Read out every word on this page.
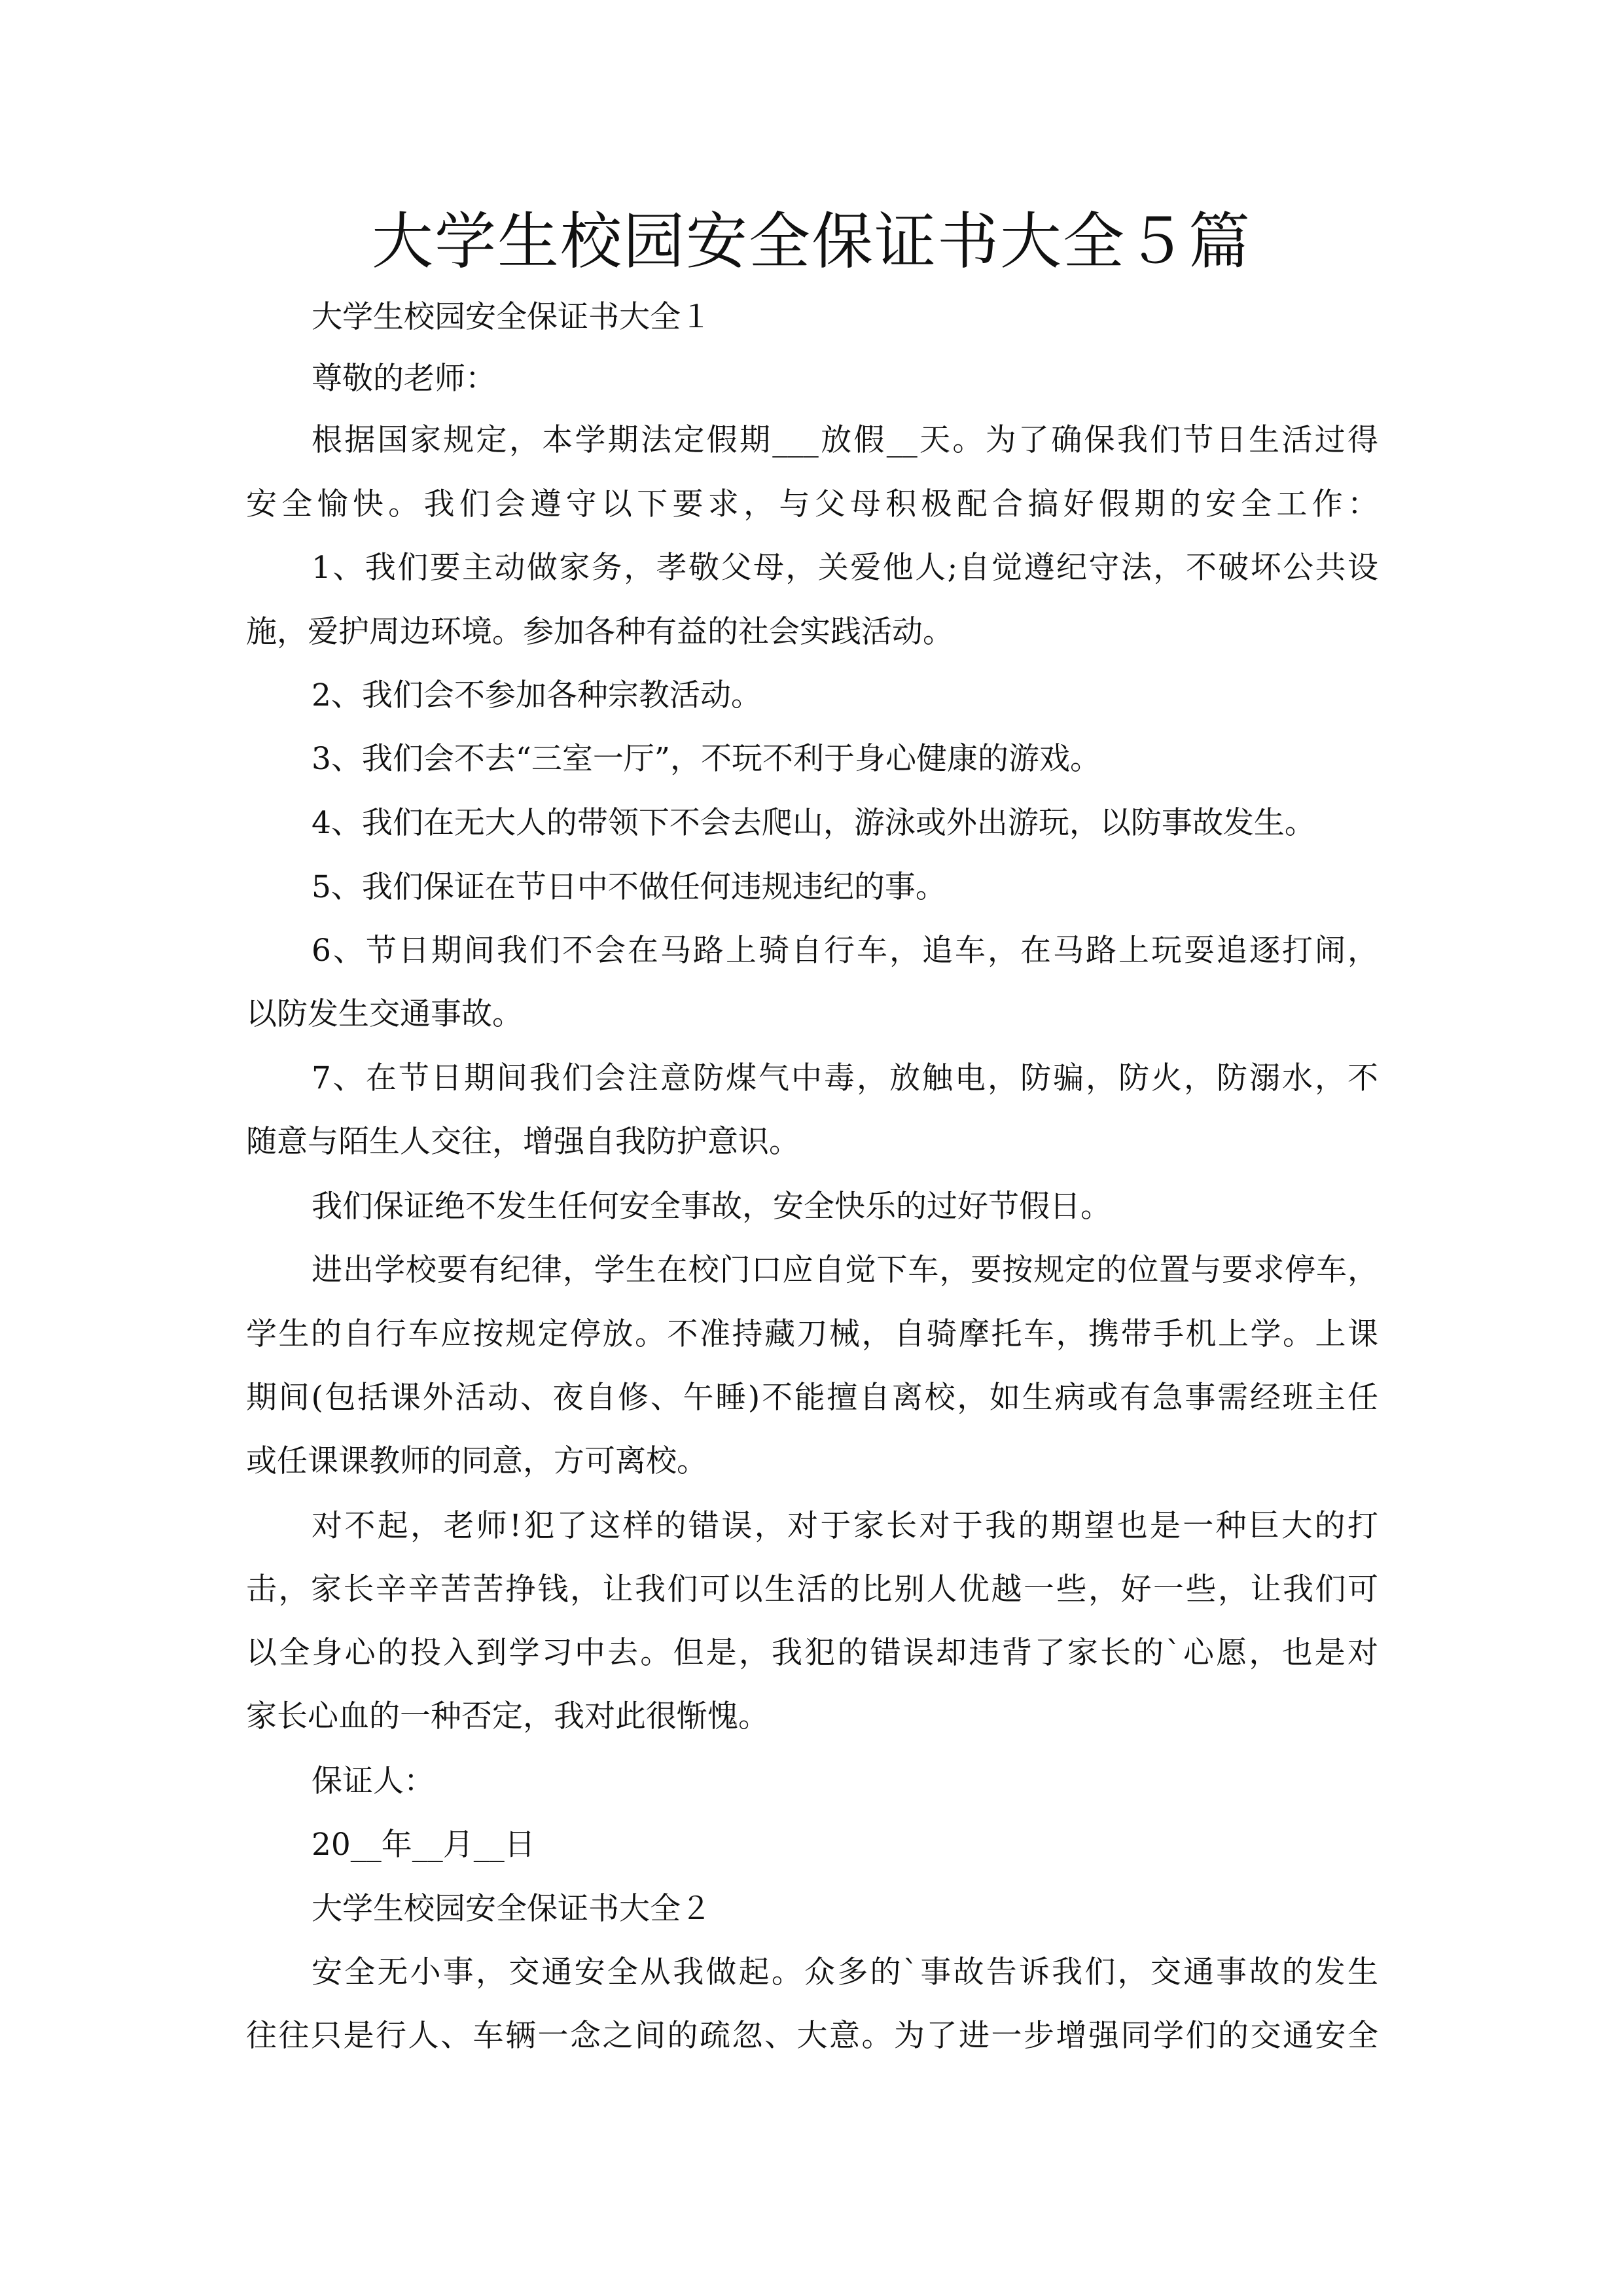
大学生校园安全保证书大全５篇
大学生校园安全保证书大全１
尊敬的老师：
根据国家规定，本学期法定假期___放假__天。为了确保我们节日生活过得
安全愉快。我们会遵守以下要求，与父母积极配合搞好假期的安全工作：
1、我们要主动做家务，孝敬父母，关爱他人;自觉遵纪守法，不破坏公共设
施，爱护周边环境。参加各种有益的社会实践活动。
2、我们会不参加各种宗教活动。
3、我们会不去“三室一厅”，不玩不利于身心健康的游戏。
4、我们在无大人的带领下不会去爬山，游泳或外出游玩，以防事故发生。
5、我们保证在节日中不做任何违规违纪的事。
6、节日期间我们不会在马路上骑自行车，追车，在马路上玩耍追逐打闹，
以防发生交通事故。
7、在节日期间我们会注意防煤气中毒，放触电，防骗，防火，防溺水，不
随意与陌生人交往，增强自我防护意识。
我们保证绝不发生任何安全事故，安全快乐的过好节假日。
进出学校要有纪律，学生在校门口应自觉下车，要按规定的位置与要求停车，
学生的自行车应按规定停放。不准持藏刀械，自骑摩托车，携带手机上学。上课
期间(包括课外活动、夜自修、午睡)不能擅自离校，如生病或有急事需经班主任
或任课课教师的同意，方可离校。
对不起，老师!犯了这样的错误，对于家长对于我的期望也是一种巨大的打
击，家长辛辛苦苦挣钱，让我们可以生活的比别人优越一些，好一些，让我们可
以全身心的投入到学习中去。但是，我犯的错误却违背了家长的`心愿，也是对
家长心血的一种否定，我对此很惭愧。
保证人：
20__年__月__日
大学生校园安全保证书大全２
安全无小事，交通安全从我做起。众多的`事故告诉我们，交通事故的发生
往往只是行人、车辆一念之间的疏忽、大意。为了进一步增强同学们的交通安全
